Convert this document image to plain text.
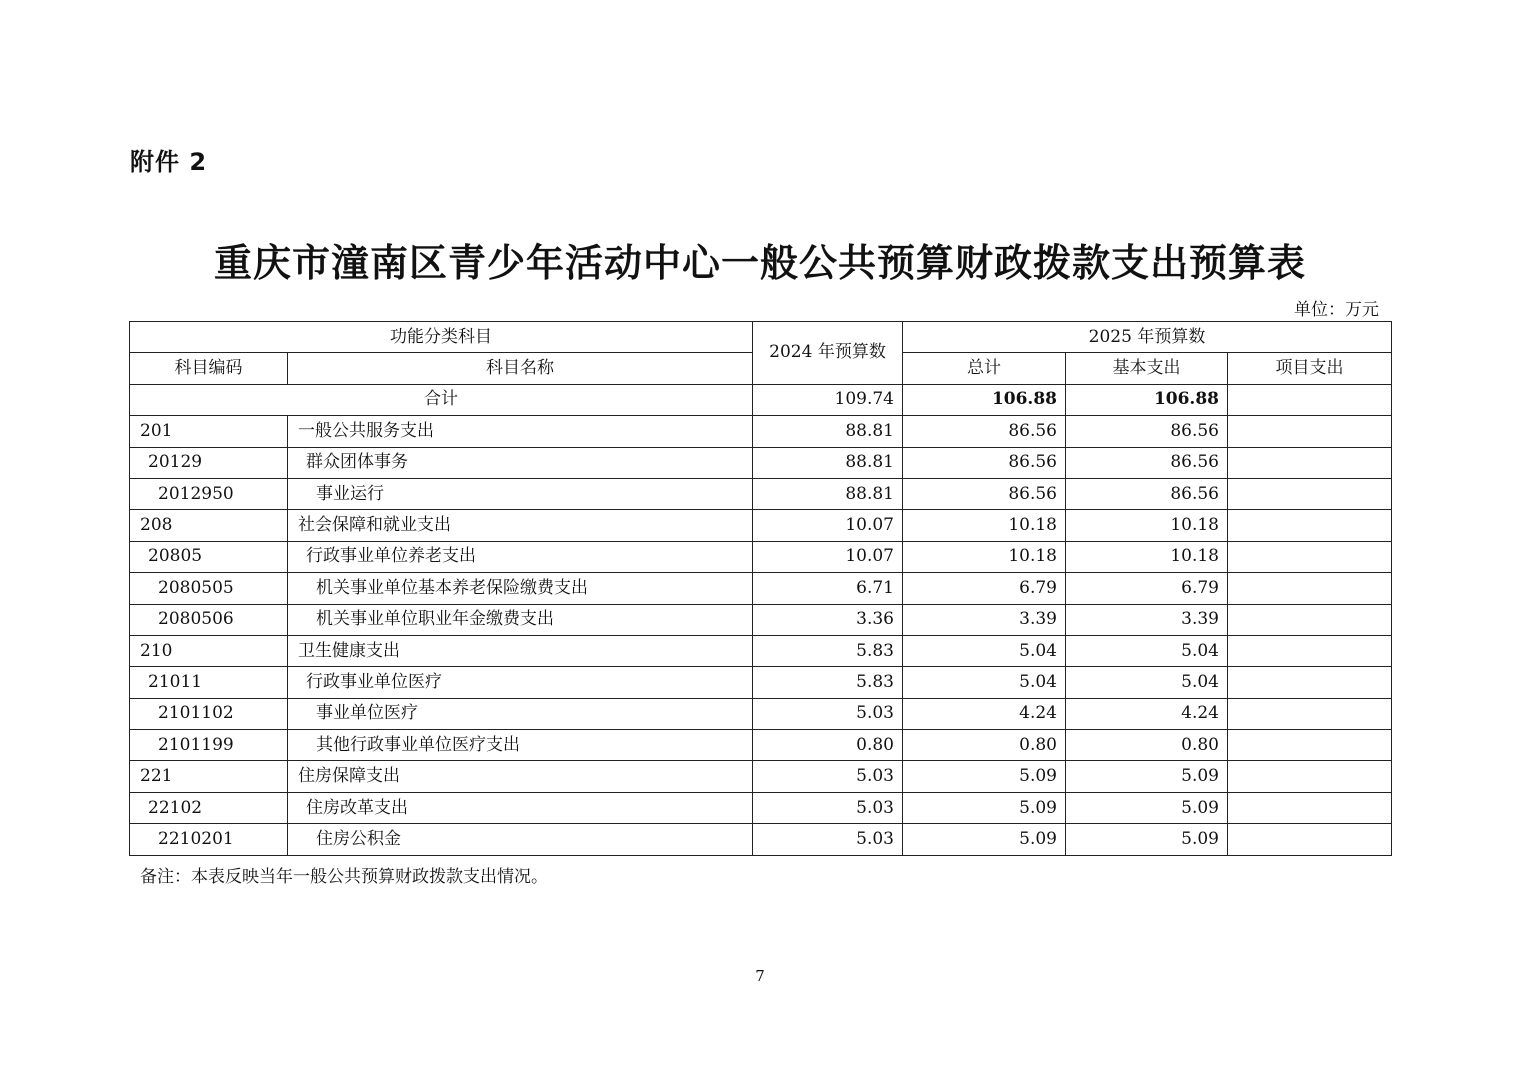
附件 2
重庆市潼南区青少年活动中心一般公共预算财政拨款支出预算表
单位：万元
功能分类科目		2024 年预算数	2025 年预算数		
科目编码	科目名称		总计	基本支出	项目支出
合计		109.74	106.88	106.88	
201	一般公共服务支出	88.81	86.56	86.56	
20129	群众团体事务	88.81	86.56	86.56	
2012950	事业运行	88.81	86.56	86.56	
208	社会保障和就业支出	10.07	10.18	10.18	
20805	行政事业单位养老支出	10.07	10.18	10.18	
2080505	机关事业单位基本养老保险缴费支出	6.71	6.79	6.79	
2080506	机关事业单位职业年金缴费支出	3.36	3.39	3.39	
210	卫生健康支出	5.83	5.04	5.04	
21011	行政事业单位医疗	5.83	5.04	5.04	
2101102	事业单位医疗	5.03	4.24	4.24	
2101199	其他行政事业单位医疗支出	0.80	0.80	0.80	
221	住房保障支出	5.03	5.09	5.09	
22102	住房改革支出	5.03	5.09	5.09	
2210201	住房公积金	5.03	5.09	5.09	
备注：本表反映当年一般公共预算财政拨款支出情况。
7
